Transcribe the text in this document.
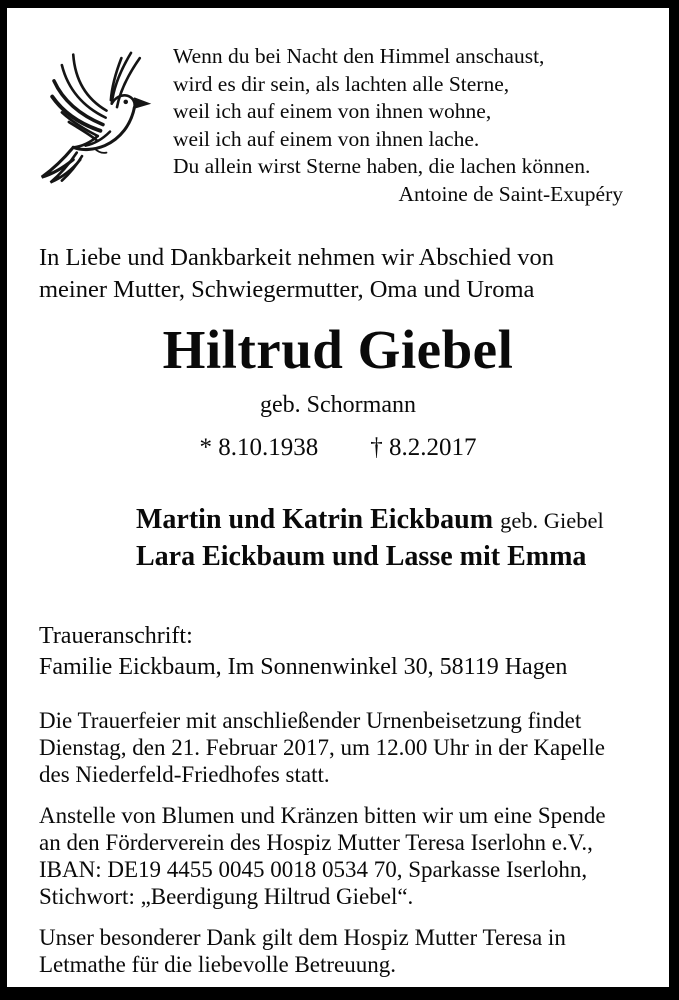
Wenn du bei Nacht den Himmel anschaust,
wird es dir sein, als lachten alle Sterne,
weil ich auf einem von ihnen wohne,
weil ich auf einem von ihnen lache.
Du allein wirst Sterne haben, die lachen können.
Antoine de Saint-Exupéry
In Liebe und Dankbarkeit nehmen wir Abschied von
meiner Mutter, Schwiegermutter, Oma und Uroma
Hiltrud Giebel
geb. Schormann
* 8.10.1938 † 8.2.2017
Martin und Katrin Eickbaum geb. Giebel
Lara Eickbaum und Lasse mit Emma
Traueranschrift:
Familie Eickbaum, Im Sonnenwinkel 30, 58119 Hagen
Die Trauerfeier mit anschließender Urnenbeisetzung findet
Dienstag, den 21. Februar 2017, um 12.00 Uhr in der Kapelle
des Niederfeld-Friedhofes statt.
Anstelle von Blumen und Kränzen bitten wir um eine Spende
an den Förderverein des Hospiz Mutter Teresa Iserlohn e.V.,
IBAN: DE19 4455 0045 0018 0534 70, Sparkasse Iserlohn,
Stichwort: „Beerdigung Hiltrud Giebel“.
Unser besonderer Dank gilt dem Hospiz Mutter Teresa in
Letmathe für die liebevolle Betreuung.
